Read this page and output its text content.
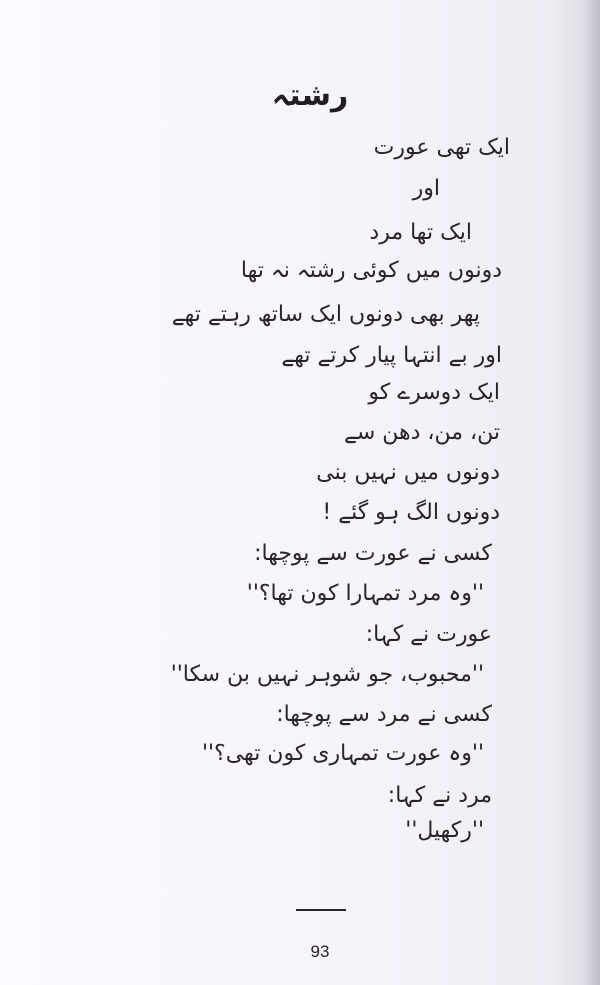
رشتہ
ایک تھی عورت
اور
ایک تھا مرد
دونوں میں کوئی رشتہ نہ تھا
پھر بھی دونوں ایک ساتھ رہتے تھے
اور بے انتہا پیار کرتے تھے
ایک دوسرے کو
تن، من، دھن سے
دونوں میں نہیں بنی
دونوں الگ ہو گئے !
کسی نے عورت سے پوچھا:
''وہ مرد تمہارا کون تھا؟''
عورت نے کہا:
''محبوب، جو شوہر نہیں بن سکا''
کسی نے مرد سے پوچھا:
''وہ عورت تمہاری کون تھی؟''
مرد نے کہا:
''رکھیل''
93
